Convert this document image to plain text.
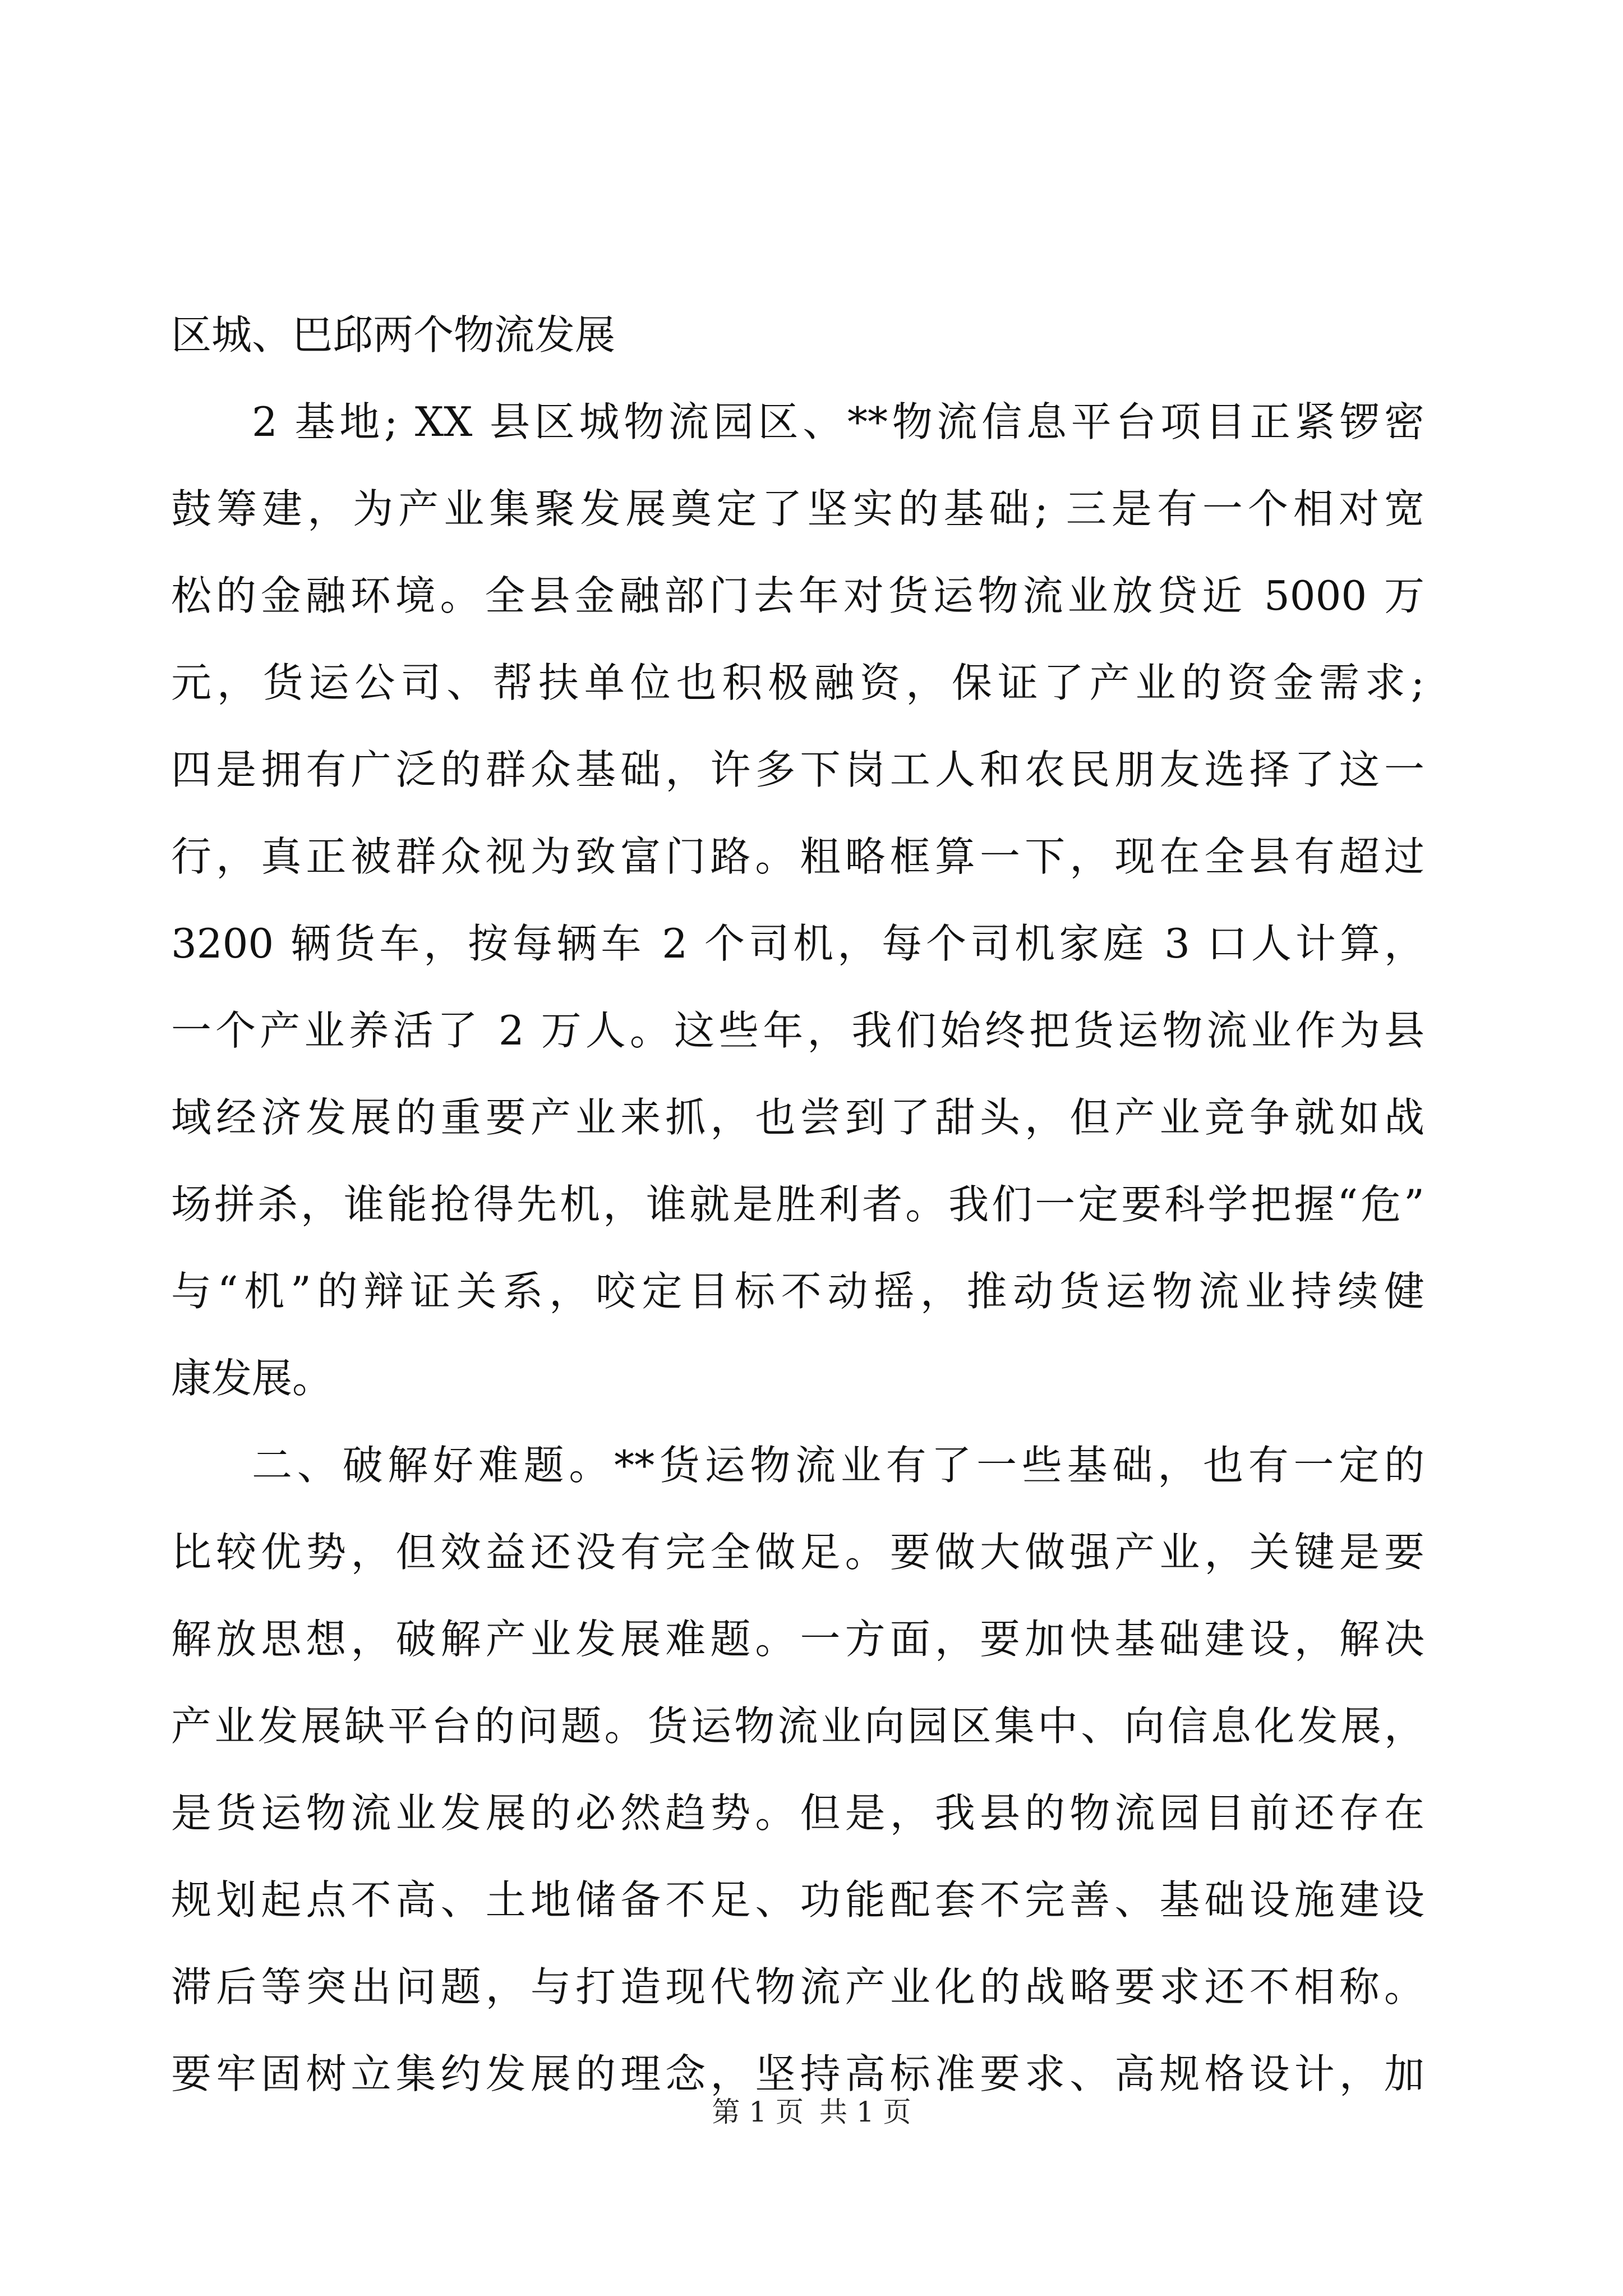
区城、巴邱两个物流发展
2 基地; XX 县区城物流园区、**物流信息平台项目正紧锣密
鼓筹建，为产业集聚发展奠定了坚实的基础; 三是有一个相对宽
松的金融环境。全县金融部门去年对货运物流业放贷近 5000 万
元，货运公司、帮扶单位也积极融资，保证了产业的资金需求;
四是拥有广泛的群众基础，许多下岗工人和农民朋友选择了这一
行，真正被群众视为致富门路。粗略框算一下，现在全县有超过
3200 辆货车，按每辆车 2 个司机，每个司机家庭 3 口人计算，
一个产业养活了 2 万人。这些年，我们始终把货运物流业作为县
域经济发展的重要产业来抓，也尝到了甜头，但产业竞争就如战
场拼杀，谁能抢得先机，谁就是胜利者。我们一定要科学把握“危”
与“机”的辩证关系，咬定目标不动摇，推动货运物流业持续健
康发展。
二、破解好难题。**货运物流业有了一些基础，也有一定的
比较优势，但效益还没有完全做足。要做大做强产业，关键是要
解放思想，破解产业发展难题。一方面，要加快基础建设，解决
产业发展缺平台的问题。货运物流业向园区集中、向信息化发展，
是货运物流业发展的必然趋势。但是，我县的物流园目前还存在
规划起点不高、土地储备不足、功能配套不完善、基础设施建设
滞后等突出问题，与打造现代物流产业化的战略要求还不相称。
要牢固树立集约发展的理念，坚持高标准要求、高规格设计，加
第 1 页 共 1 页
